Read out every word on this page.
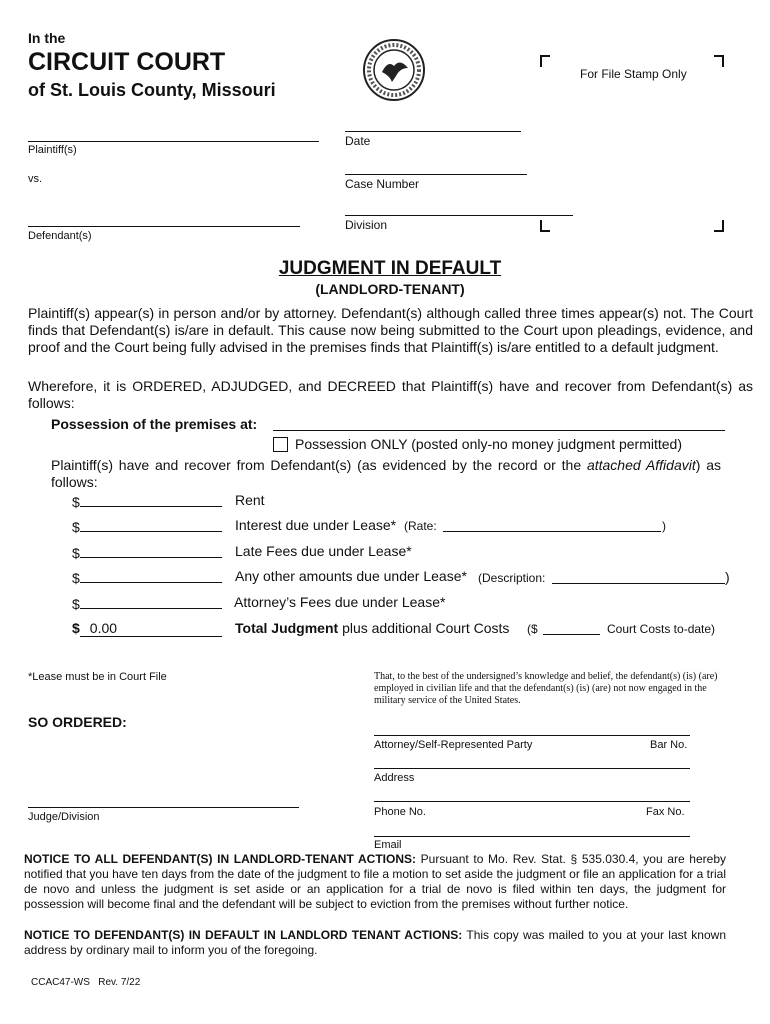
In the
CIRCUIT COURT
of St. Louis County, Missouri
For File Stamp Only
Plaintiff(s)
vs.
Defendant(s)
Date
Case Number
Division
JUDGMENT IN DEFAULT
(LANDLORD-TENANT)
Plaintiff(s) appear(s) in person and/or by attorney. Defendant(s) although called three times appear(s) not. The Court finds that Defendant(s) is/are in default. This cause now being submitted to the Court upon pleadings, evidence, and proof and the Court being fully advised in the premises finds that Plaintiff(s) is/are entitled to a default judgment.
Wherefore, it is ORDERED, ADJUDGED, and DECREED that Plaintiff(s) have and recover from Defendant(s) as follows:
Possession of the premises at:
Possession ONLY (posted only-no money judgment permitted)
Plaintiff(s) have and recover from Defendant(s) (as evidenced by the record or the attached Affidavit) as follows:
$	Rent
$	Interest due under Lease* (Rate:	)
$	Late Fees due under Lease*
$	Any other amounts due under Lease* (Description:	)
$	Attorney’s Fees due under Lease*
$ 0.00	Total Judgment plus additional Court Costs ($	Court Costs to-date)
*Lease must be in Court File
SO ORDERED:
Judge/Division
That, to the best of the undersigned’s knowledge and belief, the defendant(s) (is) (are) employed in civilian life and that the defendant(s) (is) (are) not now engaged in the military service of the United States.
Attorney/Self-Represented Party	Bar No.
Address
Phone No.	Fax No.
Email
NOTICE TO ALL DEFENDANT(S) IN LANDLORD-TENANT ACTIONS: Pursuant to Mo. Rev. Stat. § 535.030.4, you are hereby notified that you have ten days from the date of the judgment to file a motion to set aside the judgment or file an application for a trial de novo and unless the judgment is set aside or an application for a trial de novo is filed within ten days, the judgment for possession will become final and the defendant will be subject to eviction from the premises without further notice.
NOTICE TO DEFENDANT(S) IN DEFAULT IN LANDLORD TENANT ACTIONS: This copy was mailed to you at your last known address by ordinary mail to inform you of the foregoing.
CCAC47-WS   Rev. 7/22
